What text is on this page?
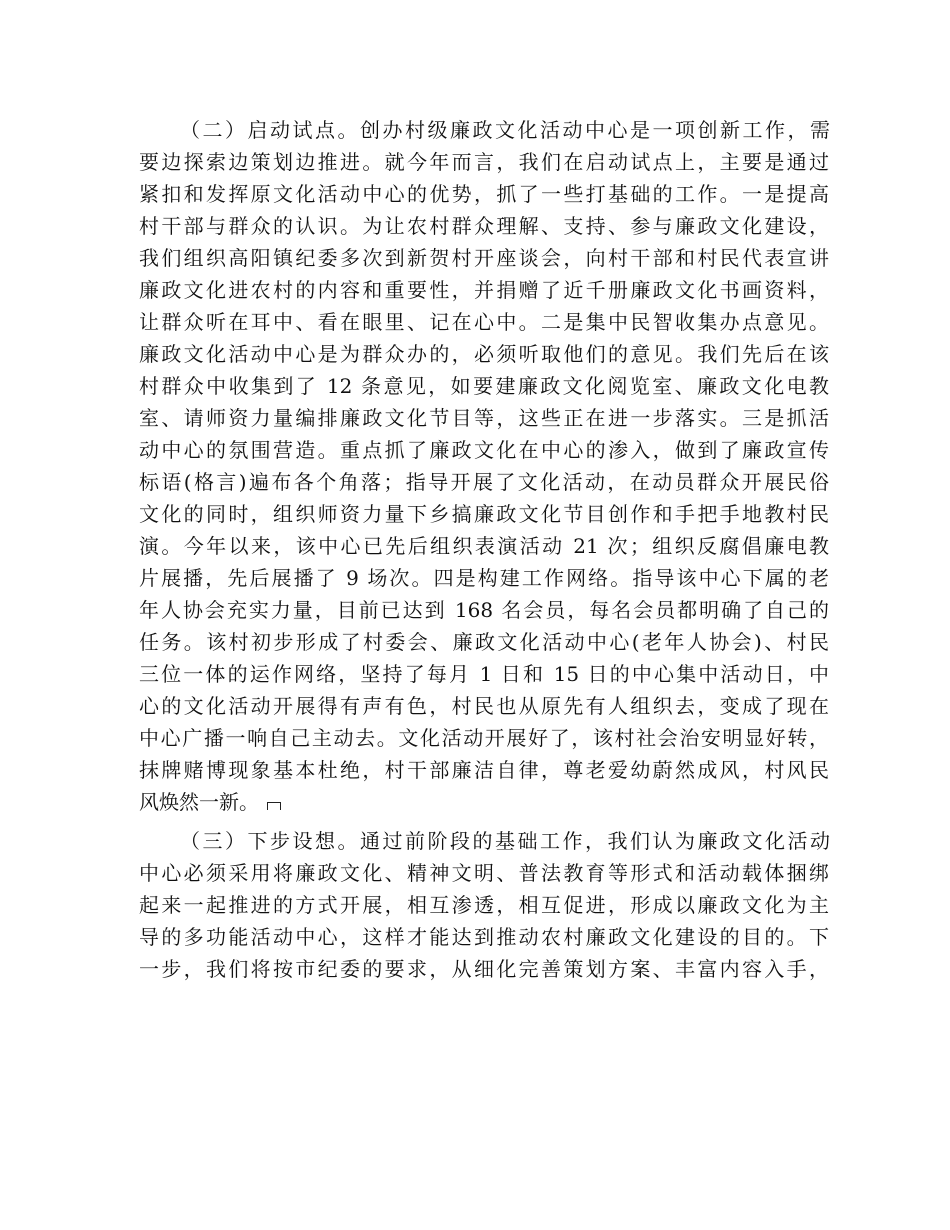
（二）启动试点。创办村级廉政文化活动中心是一项创新工作，需
要边探索边策划边推进。就今年而言，我们在启动试点上，主要是通过
紧扣和发挥原文化活动中心的优势，抓了一些打基础的工作。一是提高
村干部与群众的认识。为让农村群众理解、支持、参与廉政文化建设，
我们组织高阳镇纪委多次到新贺村开座谈会，向村干部和村民代表宣讲
廉政文化进农村的内容和重要性，并捐赠了近千册廉政文化书画资料，
让群众听在耳中、看在眼里、记在心中。二是集中民智收集办点意见。
廉政文化活动中心是为群众办的，必须听取他们的意见。我们先后在该
村群众中收集到了 12 条意见，如要建廉政文化阅览室、廉政文化电教
室、请师资力量编排廉政文化节目等，这些正在进一步落实。三是抓活
动中心的氛围营造。重点抓了廉政文化在中心的渗入，做到了廉政宣传
标语(格言)遍布各个角落；指导开展了文化活动，在动员群众开展民俗
文化的同时，组织师资力量下乡搞廉政文化节目创作和手把手地教村民
演。今年以来，该中心已先后组织表演活动 21 次；组织反腐倡廉电教
片展播，先后展播了 9 场次。四是构建工作网络。指导该中心下属的老
年人协会充实力量，目前已达到 168 名会员，每名会员都明确了自己的
任务。该村初步形成了村委会、廉政文化活动中心(老年人协会)、村民
三位一体的运作网络，坚持了每月 1 日和 15 日的中心集中活动日，中
心的文化活动开展得有声有色，村民也从原先有人组织去，变成了现在
中心广播一响自己主动去。文化活动开展好了，该村社会治安明显好转，
抹牌赌博现象基本杜绝，村干部廉洁自律，尊老爱幼蔚然成风，村风民
风焕然一新。
（三）下步设想。通过前阶段的基础工作，我们认为廉政文化活动
中心必须采用将廉政文化、精神文明、普法教育等形式和活动载体捆绑
起来一起推进的方式开展，相互渗透，相互促进，形成以廉政文化为主
导的多功能活动中心，这样才能达到推动农村廉政文化建设的目的。下
一步，我们将按市纪委的要求，从细化完善策划方案、丰富内容入手，
